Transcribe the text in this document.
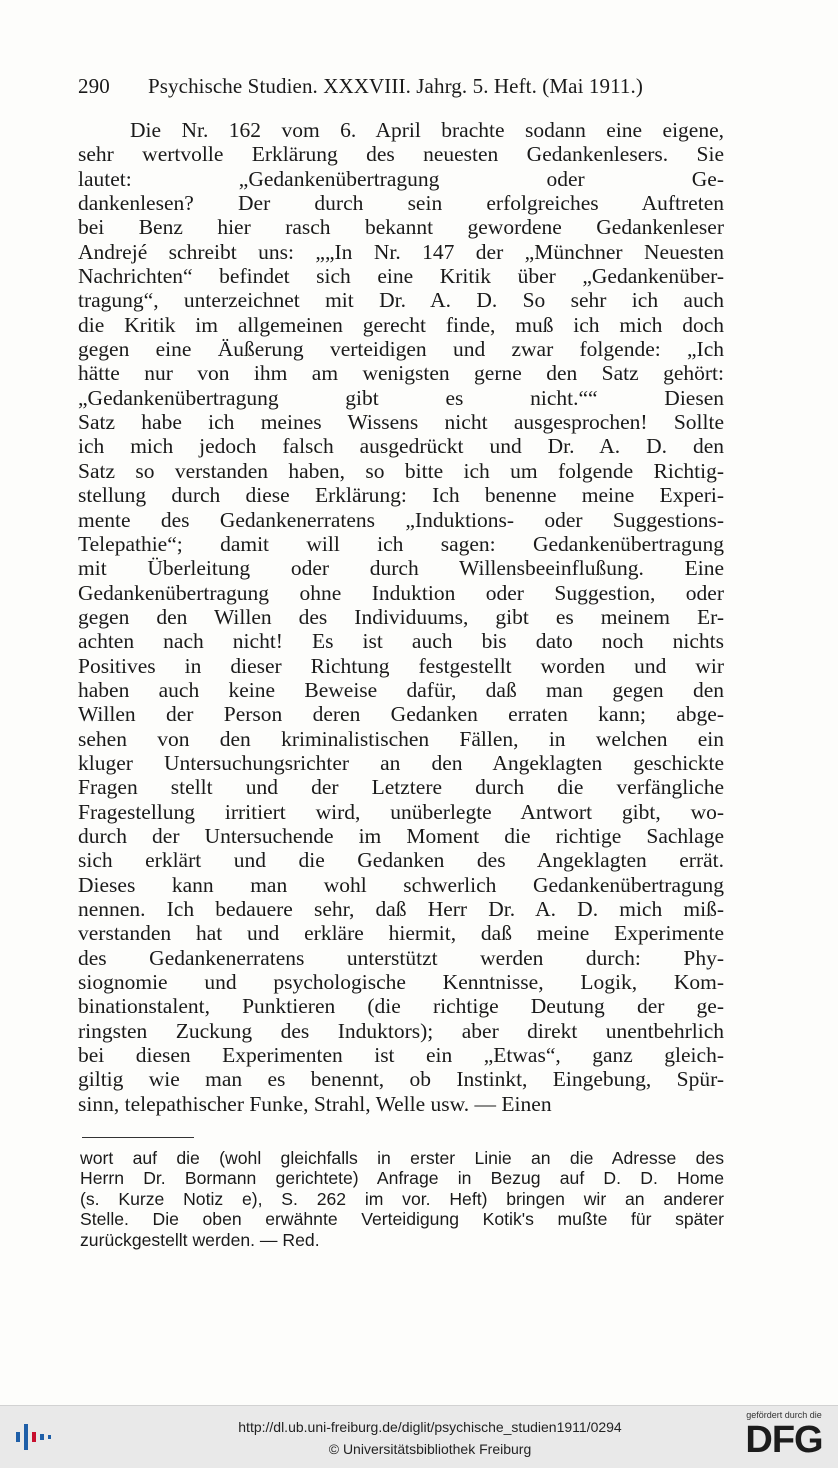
290 Psychische Studien. XXXVIII. Jahrg. 5. Heft. (Mai 1911.)
Die Nr. 162 vom 6. April brachte sodann eine eigene,
sehr wertvolle Erklärung des neuesten Gedankenlesers. Sie
lautet: „Gedankenübertragung oder Ge-
dankenlesen? Der durch sein erfolgreiches Auftreten
bei Benz hier rasch bekannt gewordene Gedankenleser
Andrejé schreibt uns: „„In Nr. 147 der „Münchner Neuesten
Nachrichten“ befindet sich eine Kritik über „Gedankenüber-
tragung“, unterzeichnet mit Dr. A. D. So sehr ich auch
die Kritik im allgemeinen gerecht finde, muß ich mich doch
gegen eine Äußerung verteidigen und zwar folgende: „Ich
hätte nur von ihm am wenigsten gerne den Satz gehört:
„Gedankenübertragung gibt es nicht.““ Diesen
Satz habe ich meines Wissens nicht ausgesprochen! Sollte
ich mich jedoch falsch ausgedrückt und Dr. A. D. den
Satz so verstanden haben, so bitte ich um folgende Richtig-
stellung durch diese Erklärung: Ich benenne meine Experi-
mente des Gedankenerratens „Induktions- oder Suggestions-
Telepathie“; damit will ich sagen: Gedankenübertragung
mit Überleitung oder durch Willensbeeinflußung. Eine
Gedankenübertragung ohne Induktion oder Suggestion, oder
gegen den Willen des Individuums, gibt es meinem Er-
achten nach nicht! Es ist auch bis dato noch nichts
Positives in dieser Richtung festgestellt worden und wir
haben auch keine Beweise dafür, daß man gegen den
Willen der Person deren Gedanken erraten kann; abge-
sehen von den kriminalistischen Fällen, in welchen ein
kluger Untersuchungsrichter an den Angeklagten geschickte
Fragen stellt und der Letztere durch die verfängliche
Fragestellung irritiert wird, unüberlegte Antwort gibt, wo-
durch der Untersuchende im Moment die richtige Sachlage
sich erklärt und die Gedanken des Angeklagten errät.
Dieses kann man wohl schwerlich Gedankenübertragung
nennen. Ich bedauere sehr, daß Herr Dr. A. D. mich miß-
verstanden hat und erkläre hiermit, daß meine Experimente
des Gedankenerratens unterstützt werden durch: Phy-
siognomie und psychologische Kenntnisse, Logik, Kom-
binationstalent, Punktieren (die richtige Deutung der ge-
ringsten Zuckung des Induktors); aber direkt unentbehrlich
bei diesen Experimenten ist ein „Etwas“, ganz gleich-
giltig wie man es benennt, ob Instinkt, Eingebung, Spür-
sinn, telepathischer Funke, Strahl, Welle usw. — Einen
wort auf die (wohl gleichfalls in erster Linie an die Adresse des
Herrn Dr. Bormann gerichtete) Anfrage in Bezug auf D. D. Home
(s. Kurze Notiz e), S. 262 im vor. Heft) bringen wir an anderer
Stelle. Die oben erwähnte Verteidigung Kotik's mußte für später
zurückgestellt werden. — Red.
http://dl.ub.uni-freiburg.de/diglit/psychische_studien1911/0294
© Universitätsbibliothek Freiburg
gefördert durch die
DFG
